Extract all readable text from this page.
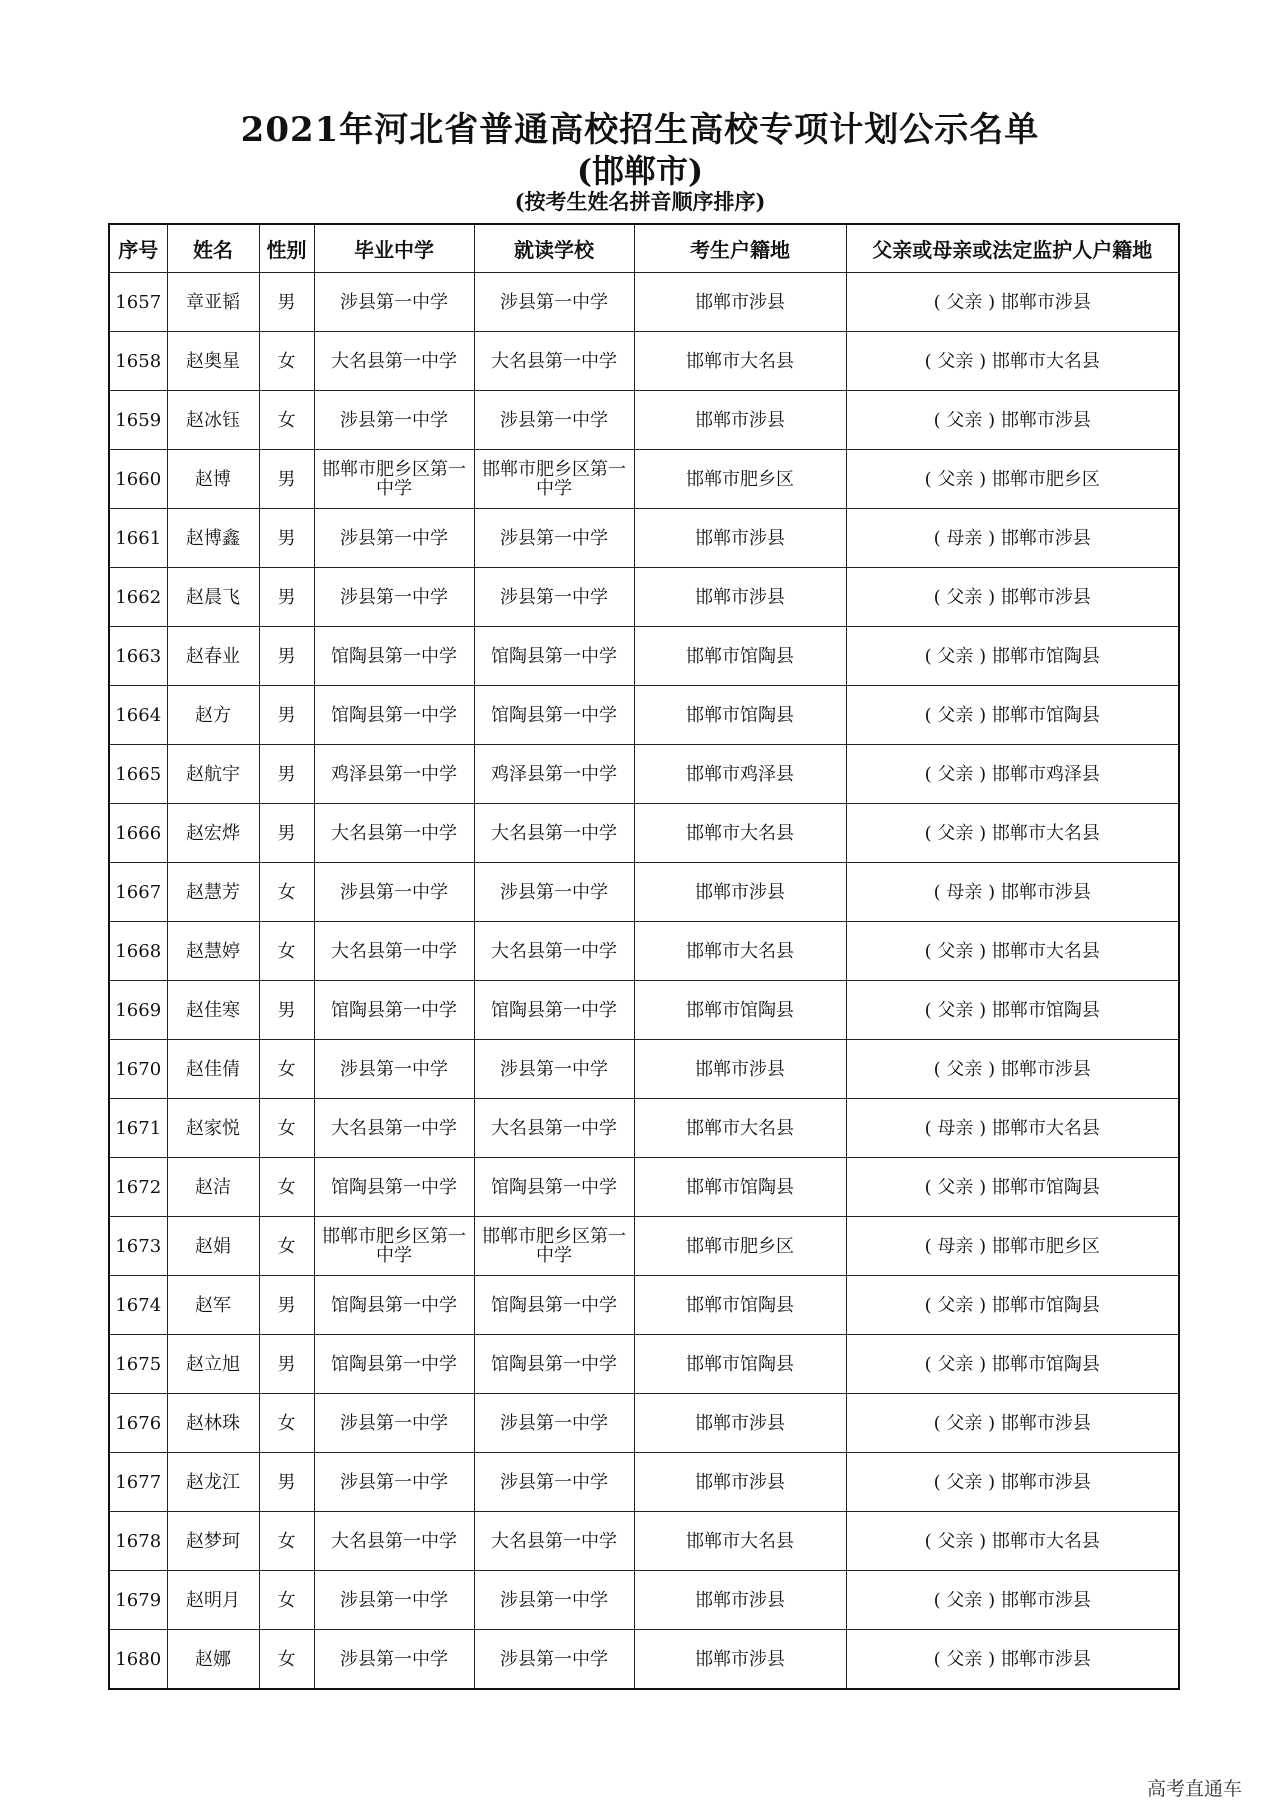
2021年河北省普通高校招生高校专项计划公示名单
(邯郸市)
(按考生姓名拼音顺序排序)
序号	姓名	性别	毕业中学	就读学校	考生户籍地	父亲或母亲或法定监护人户籍地
1657	章亚韬	男	涉县第一中学	涉县第一中学	邯郸市涉县	( 父亲 ) 邯郸市涉县
1658	赵奥星	女	大名县第一中学	大名县第一中学	邯郸市大名县	( 父亲 ) 邯郸市大名县
1659	赵冰钰	女	涉县第一中学	涉县第一中学	邯郸市涉县	( 父亲 ) 邯郸市涉县
1660	赵博	男	邯郸市肥乡区第一中学	邯郸市肥乡区第一中学	邯郸市肥乡区	( 父亲 ) 邯郸市肥乡区
1661	赵博鑫	男	涉县第一中学	涉县第一中学	邯郸市涉县	( 母亲 ) 邯郸市涉县
1662	赵晨飞	男	涉县第一中学	涉县第一中学	邯郸市涉县	( 父亲 ) 邯郸市涉县
1663	赵春业	男	馆陶县第一中学	馆陶县第一中学	邯郸市馆陶县	( 父亲 ) 邯郸市馆陶县
1664	赵方	男	馆陶县第一中学	馆陶县第一中学	邯郸市馆陶县	( 父亲 ) 邯郸市馆陶县
1665	赵航宇	男	鸡泽县第一中学	鸡泽县第一中学	邯郸市鸡泽县	( 父亲 ) 邯郸市鸡泽县
1666	赵宏烨	男	大名县第一中学	大名县第一中学	邯郸市大名县	( 父亲 ) 邯郸市大名县
1667	赵慧芳	女	涉县第一中学	涉县第一中学	邯郸市涉县	( 母亲 ) 邯郸市涉县
1668	赵慧婷	女	大名县第一中学	大名县第一中学	邯郸市大名县	( 父亲 ) 邯郸市大名县
1669	赵佳寒	男	馆陶县第一中学	馆陶县第一中学	邯郸市馆陶县	( 父亲 ) 邯郸市馆陶县
1670	赵佳倩	女	涉县第一中学	涉县第一中学	邯郸市涉县	( 父亲 ) 邯郸市涉县
1671	赵家悦	女	大名县第一中学	大名县第一中学	邯郸市大名县	( 母亲 ) 邯郸市大名县
1672	赵洁	女	馆陶县第一中学	馆陶县第一中学	邯郸市馆陶县	( 父亲 ) 邯郸市馆陶县
1673	赵娟	女	邯郸市肥乡区第一中学	邯郸市肥乡区第一中学	邯郸市肥乡区	( 母亲 ) 邯郸市肥乡区
1674	赵军	男	馆陶县第一中学	馆陶县第一中学	邯郸市馆陶县	( 父亲 ) 邯郸市馆陶县
1675	赵立旭	男	馆陶县第一中学	馆陶县第一中学	邯郸市馆陶县	( 父亲 ) 邯郸市馆陶县
1676	赵林珠	女	涉县第一中学	涉县第一中学	邯郸市涉县	( 父亲 ) 邯郸市涉县
1677	赵龙江	男	涉县第一中学	涉县第一中学	邯郸市涉县	( 父亲 ) 邯郸市涉县
1678	赵梦珂	女	大名县第一中学	大名县第一中学	邯郸市大名县	( 父亲 ) 邯郸市大名县
1679	赵明月	女	涉县第一中学	涉县第一中学	邯郸市涉县	( 父亲 ) 邯郸市涉县
1680	赵娜	女	涉县第一中学	涉县第一中学	邯郸市涉县	( 父亲 ) 邯郸市涉县
高考直通车
